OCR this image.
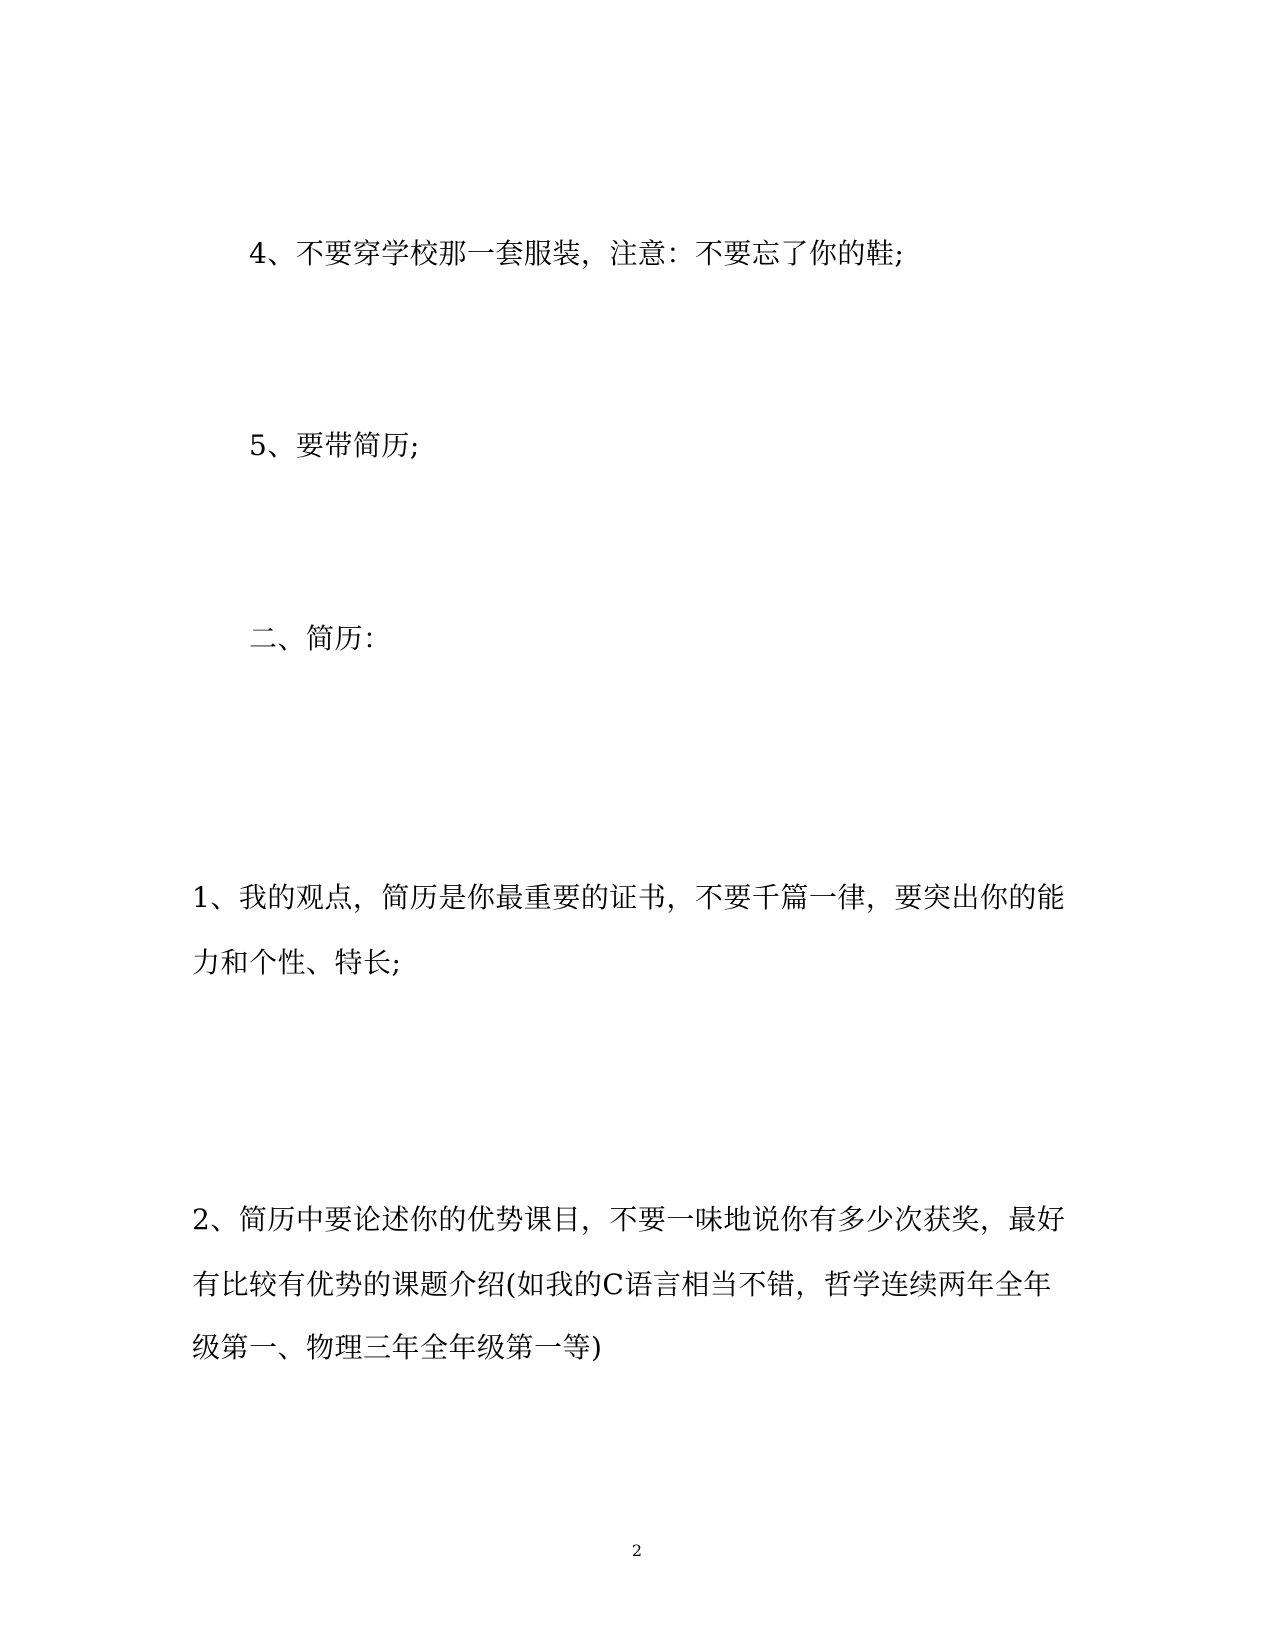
4、不要穿学校那一套服装，注意：不要忘了你的鞋;
5、要带简历;
二、简历：
1、我的观点，简历是你最重要的证书，不要千篇一律，要突出你的能
力和个性、特长;
2、简历中要论述你的优势课目，不要一味地说你有多少次获奖，最好
有比较有优势的课题介绍(如我的C语言相当不错，哲学连续两年全年
级第一、物理三年全年级第一等)
2
